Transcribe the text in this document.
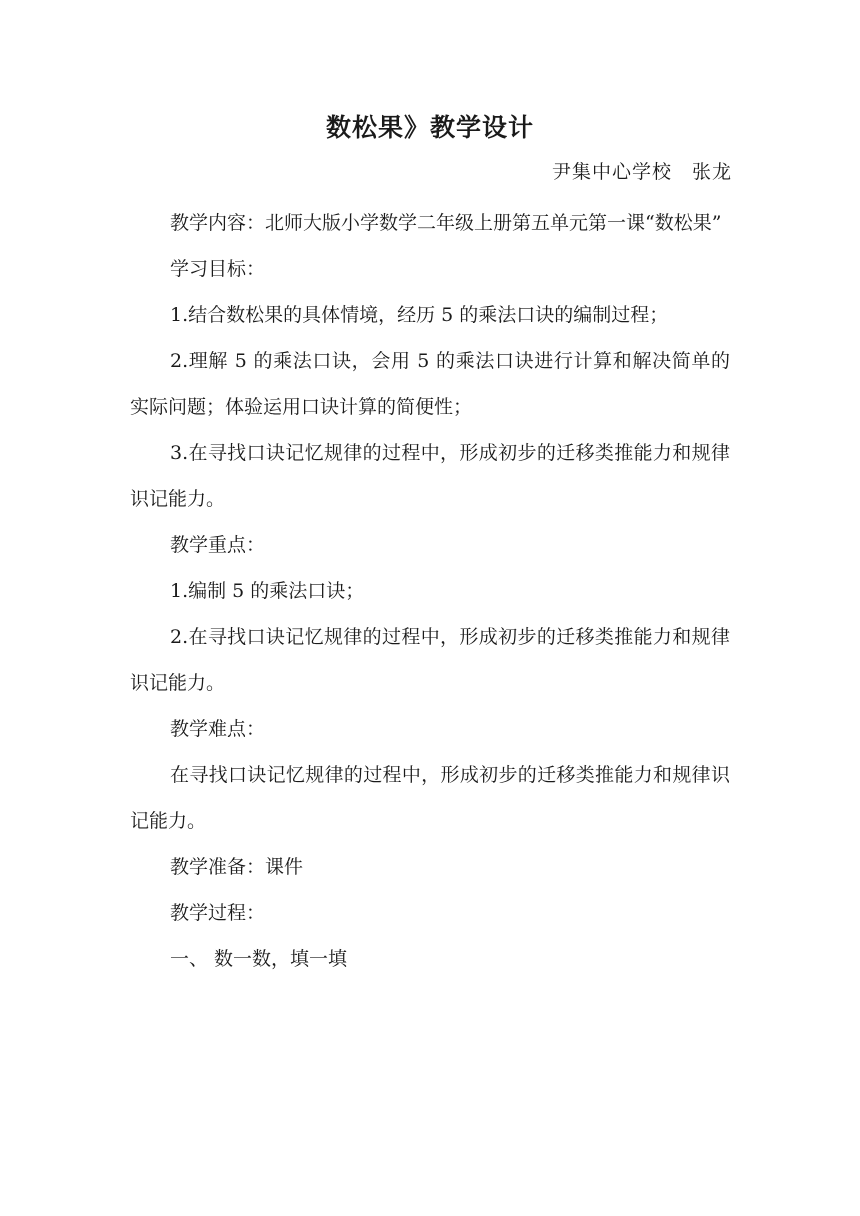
数松果》教学设计
尹集中心学校　张龙

教学内容：北师大版小学数学二年级上册第五单元第一课“数松果”

学习目标：

1.结合数松果的具体情境，经历 5 的乘法口诀的编制过程；

2.理解 5 的乘法口诀，会用 5 的乘法口诀进行计算和解决简单的实际问题；体验运用口诀计算的简便性；

3.在寻找口诀记忆规律的过程中，形成初步的迁移类推能力和规律识记能力。

教学重点：

1.编制 5 的乘法口诀；

2.在寻找口诀记忆规律的过程中，形成初步的迁移类推能力和规律识记能力。

教学难点：

在寻找口诀记忆规律的过程中，形成初步的迁移类推能力和规律识记能力。

教学准备：课件

教学过程：

一、 数一数，填一填
